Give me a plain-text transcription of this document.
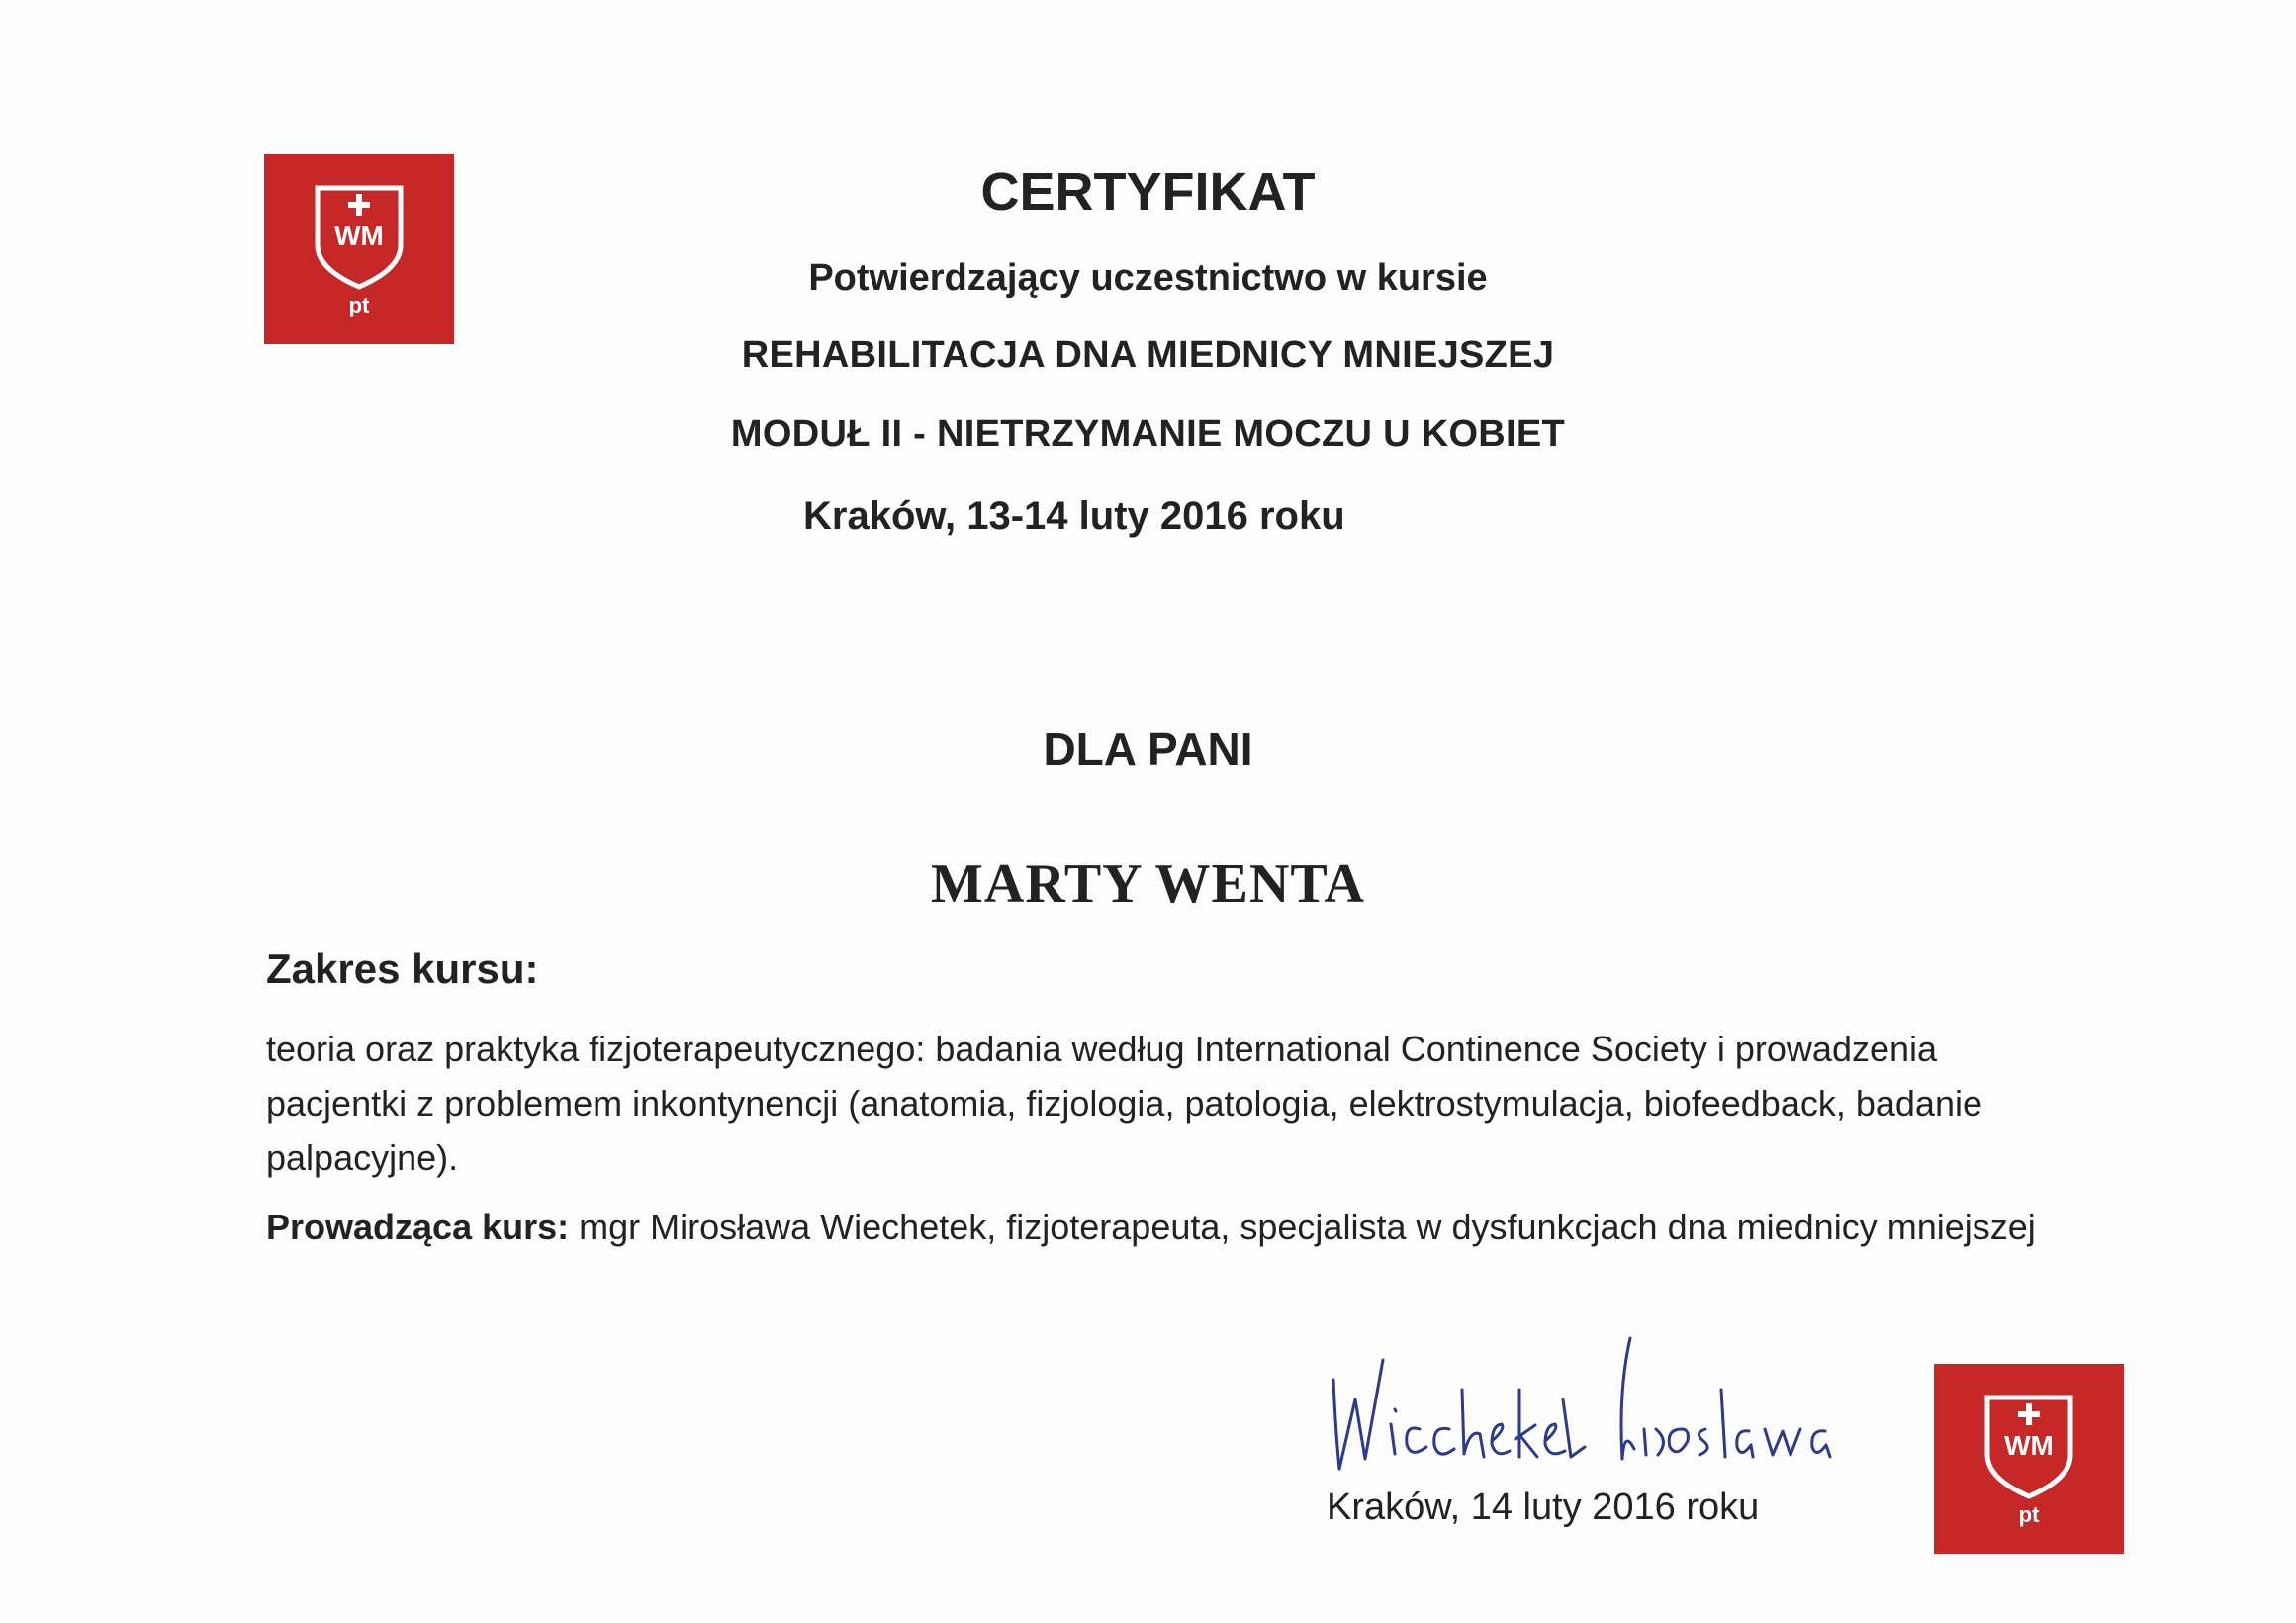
WM
pt
CERTYFIKAT
Potwierdzający uczestnictwo w kursie
REHABILITACJA DNA MIEDNICY MNIEJSZEJ
MODUŁ II - NIETRZYMANIE MOCZU U KOBIET
Kraków, 13-14 luty 2016 roku
DLA PANI
MARTY WENTA
Zakres kursu:
teoria oraz praktyka fizjoterapeutycznego: badania według International Continence Society i prowadzenia pacjentki z problemem inkontynencji (anatomia, fizjologia, patologia, elektrostymulacja, biofeedback, badanie palpacyjne).
Prowadząca kurs: mgr Mirosława Wiechetek, fizjoterapeuta, specjalista w dysfunkcjach dna miednicy mniejszej
Kraków, 14 luty 2016 roku
WM
pt
